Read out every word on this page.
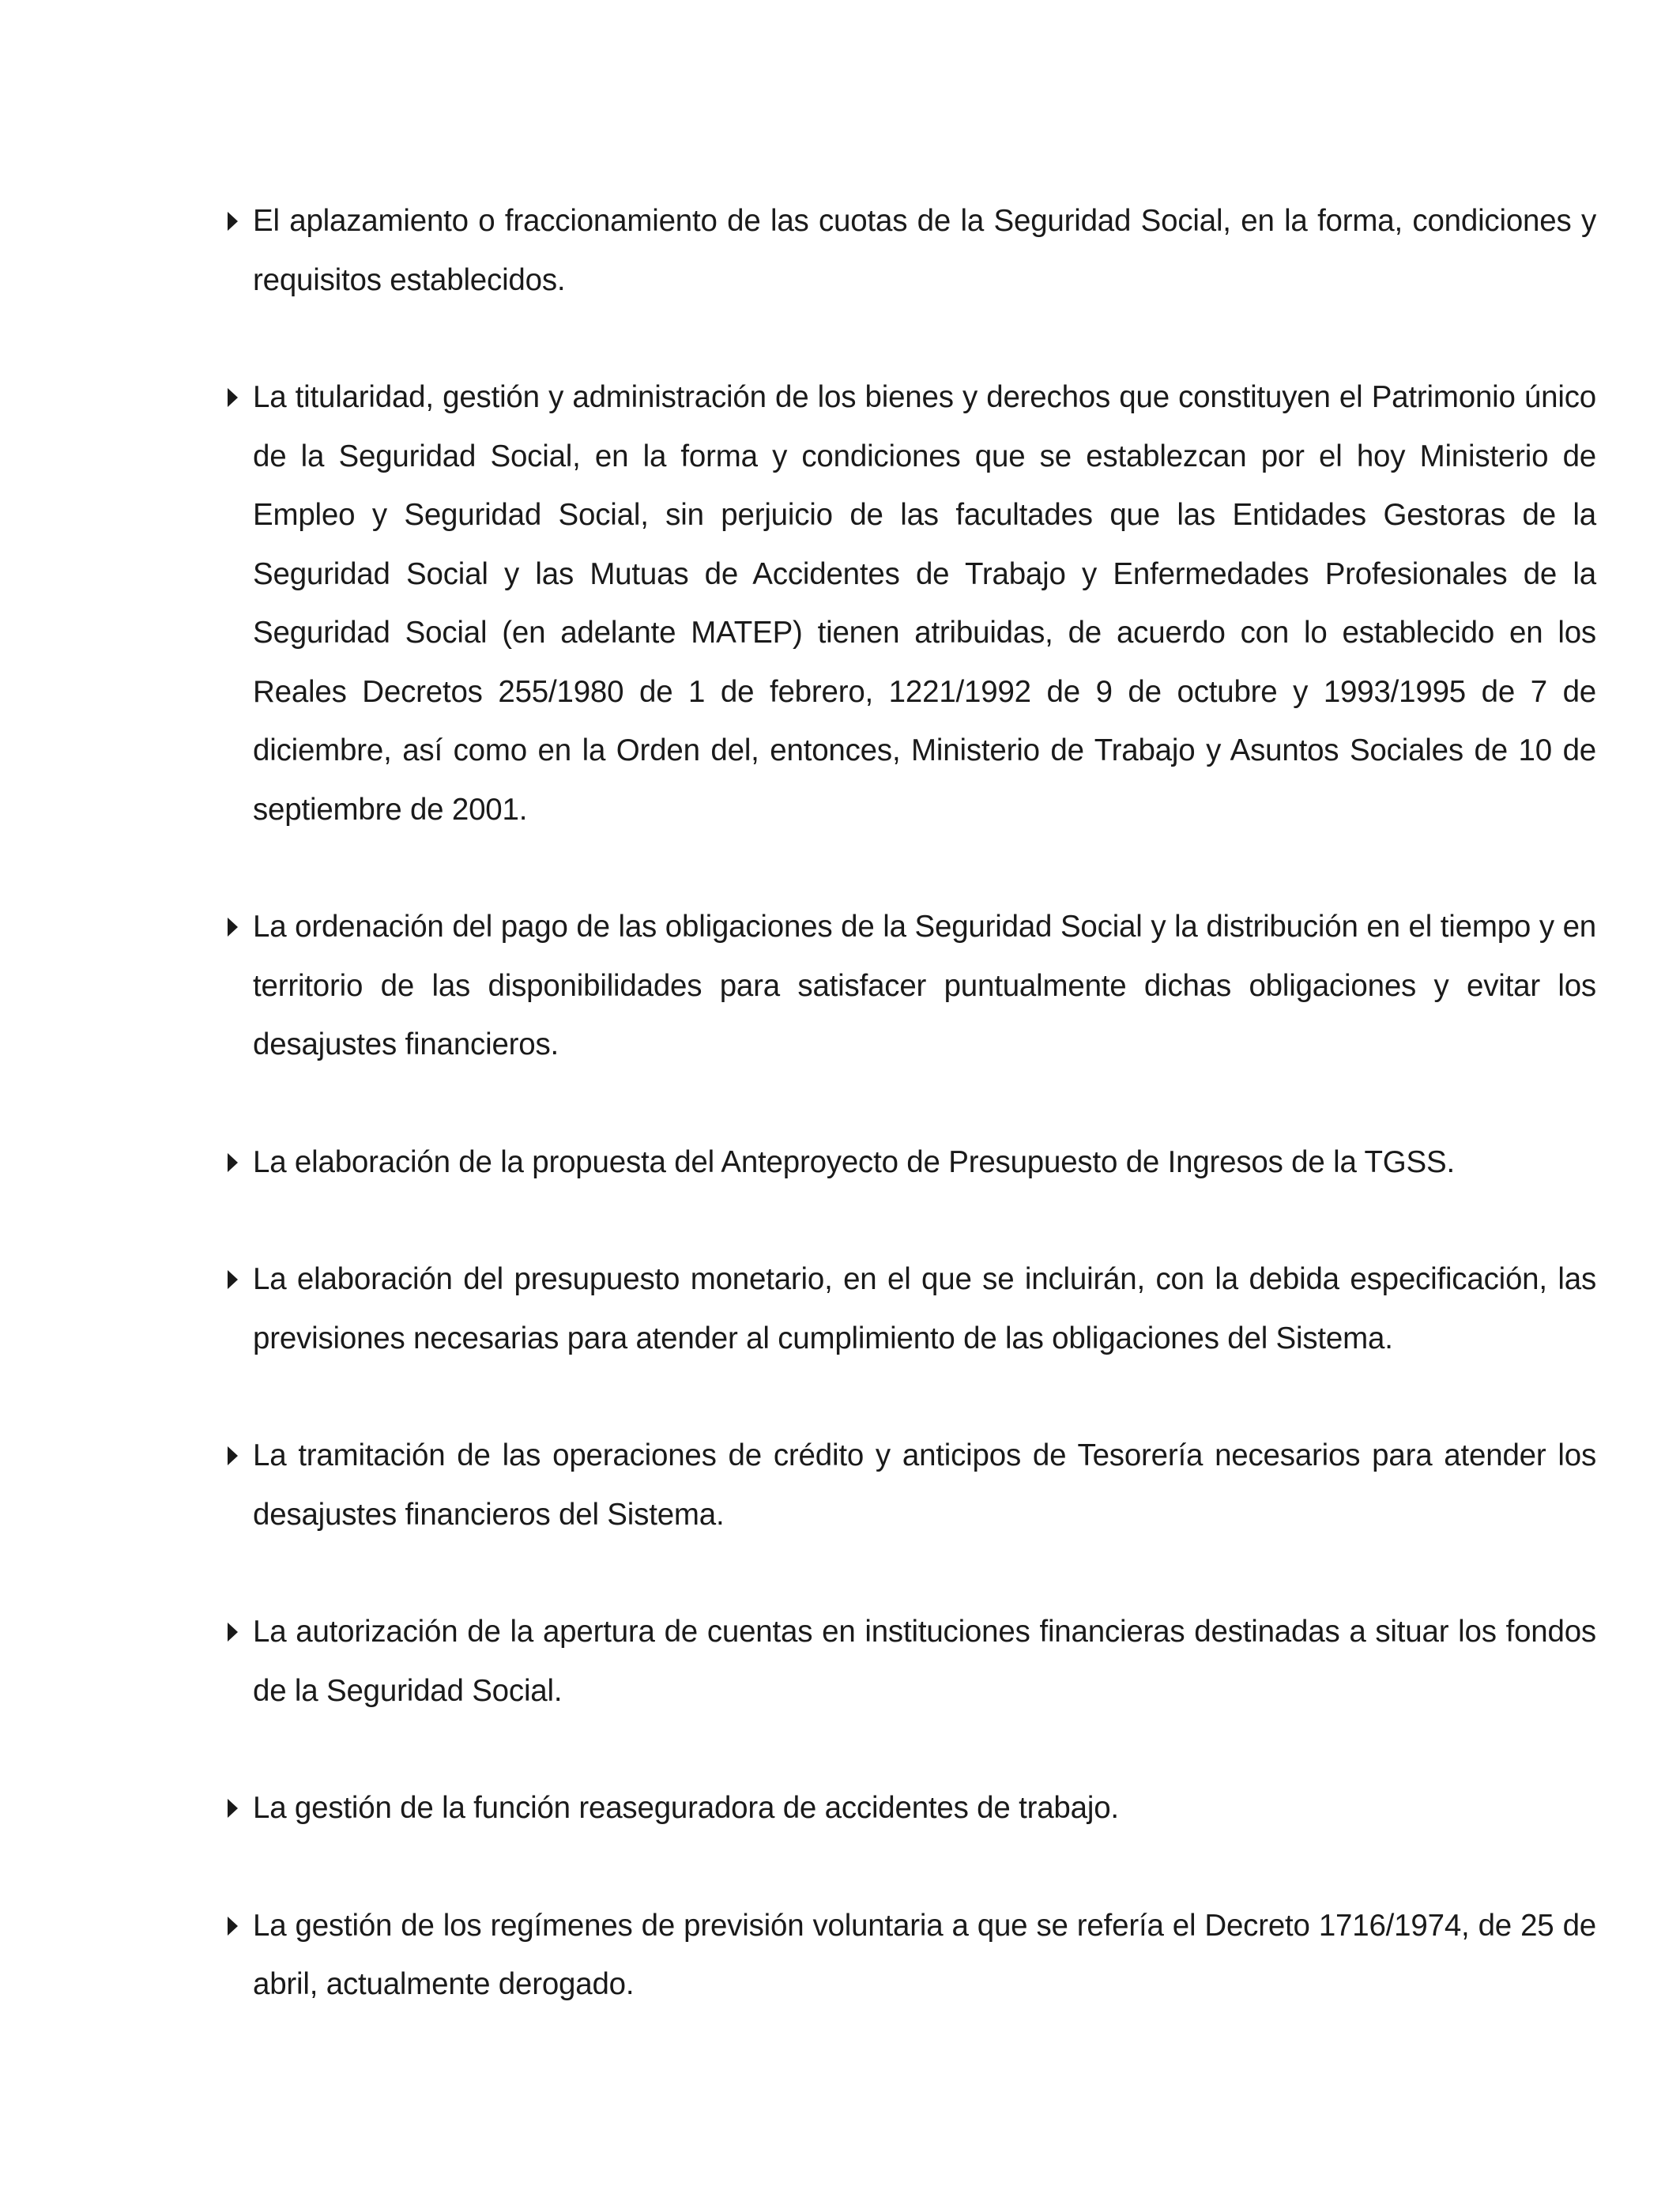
El aplazamiento o fraccionamiento de las cuotas de la Seguridad Social, en la forma, condiciones y requisitos establecidos.
La titularidad, gestión y administración de los bienes y derechos que constituyen el Patrimonio único de la Seguridad Social, en la forma y condiciones que se establezcan por el hoy Ministerio de Empleo y Seguridad Social, sin perjuicio de las facultades que las Entidades Gestoras de la Seguridad Social y las Mutuas de Accidentes de Trabajo y Enfermedades Profesionales de la Seguridad Social (en adelante MATEP) tienen atribuidas, de acuerdo con lo establecido en los Reales Decretos 255/1980 de 1 de febrero, 1221/1992 de 9 de octubre y 1993/1995 de 7 de diciembre, así como en la Orden del, entonces, Ministerio de Trabajo y Asuntos Sociales de 10 de septiembre de 2001.
La ordenación del pago de las obligaciones de la Seguridad Social y la distribución en el tiempo y en territorio de las disponibilidades para satisfacer puntualmente dichas obligaciones y evitar los desajustes financieros.
La elaboración de la propuesta del Anteproyecto de Presupuesto de Ingresos de la TGSS.
La elaboración del presupuesto monetario, en el que se incluirán, con la debida especificación, las previsiones necesarias para atender al cumplimiento de las obligaciones del Sistema.
La tramitación de las operaciones de crédito y anticipos de Tesorería necesarios para atender los desajustes financieros del Sistema.
La autorización de la apertura de cuentas en instituciones financieras destinadas a situar los fondos de la Seguridad Social.
La gestión de la función reaseguradora de accidentes de trabajo.
La gestión de los regímenes de previsión voluntaria a que se refería el Decreto 1716/1974, de 25 de abril, actualmente derogado.
